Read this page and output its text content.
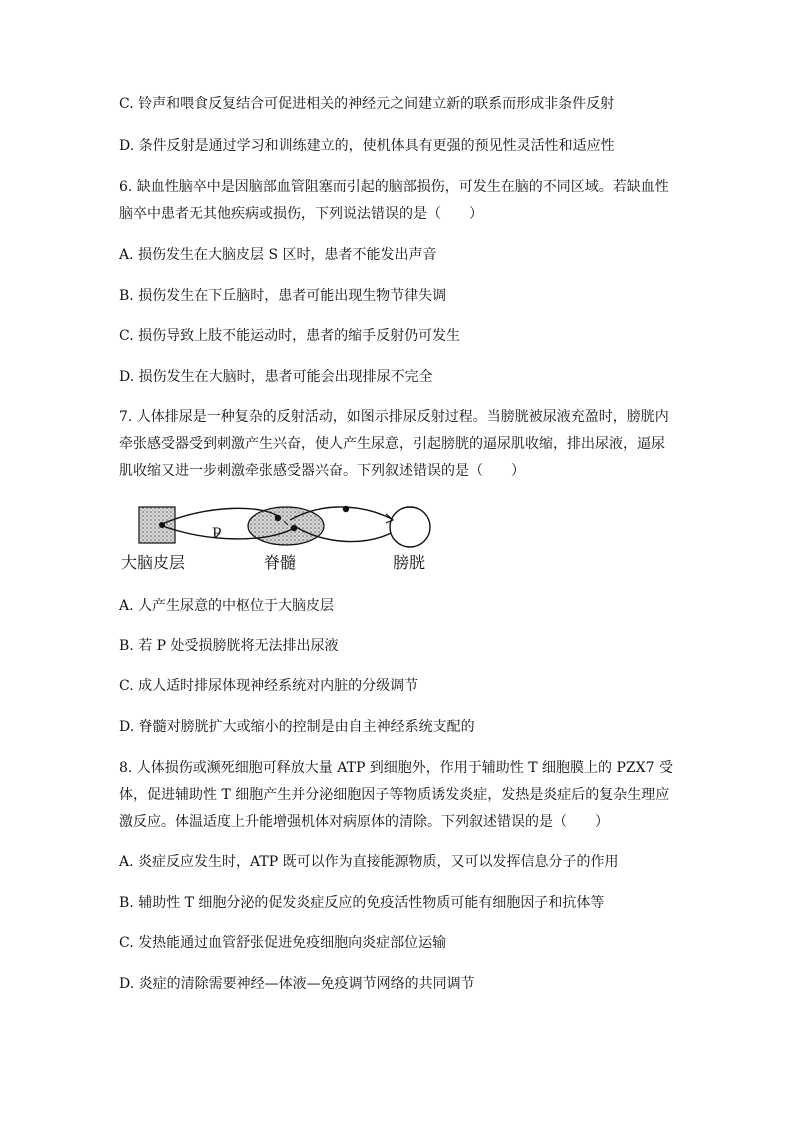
C. 铃声和喂食反复结合可促进相关的神经元之间建立新的联系而形成非条件反射
D. 条件反射是通过学习和训练建立的，使机体具有更强的预见性灵活性和适应性
6. 缺血性脑卒中是因脑部血管阻塞而引起的脑部损伤，可发生在脑的不同区域。若缺血性
脑卒中患者无其他疾病或损伤，下列说法错误的是（　　）
A. 损伤发生在大脑皮层 S 区时，患者不能发出声音
B. 损伤发生在下丘脑时，患者可能出现生物节律失调
C. 损伤导致上肢不能运动时，患者的缩手反射仍可发生
D. 损伤发生在大脑时，患者可能会出现排尿不完全
7. 人体排尿是一种复杂的反射活动，如图示排尿反射过程。当膀胱被尿液充盈时，膀胱内
牵张感受器受到刺激产生兴奋，使人产生尿意，引起膀胱的逼尿肌收缩，排出尿液，逼尿
肌收缩又进一步刺激牵张感受器兴奋。下列叙述错误的是（　　）
P
大脑皮层	脊髓	膀胱
A. 人产生尿意的中枢位于大脑皮层
B. 若 P 处受损膀胱将无法排出尿液
C. 成人适时排尿体现神经系统对内脏的分级调节
D. 脊髓对膀胱扩大或缩小的控制是由自主神经系统支配的
8. 人体损伤或濒死细胞可释放大量 ATP 到细胞外，作用于辅助性 T 细胞膜上的 PZX7 受
体，促进辅助性 T 细胞产生并分泌细胞因子等物质诱发炎症，发热是炎症后的复杂生理应
激反应。体温适度上升能增强机体对病原体的清除。下列叙述错误的是（　　）
A. 炎症反应发生时，ATP 既可以作为直接能源物质，又可以发挥信息分子的作用
B. 辅助性 T 细胞分泌的促发炎症反应的免疫活性物质可能有细胞因子和抗体等
C. 发热能通过血管舒张促进免疫细胞向炎症部位运输
D. 炎症的清除需要神经—体液—免疫调节网络的共同调节
